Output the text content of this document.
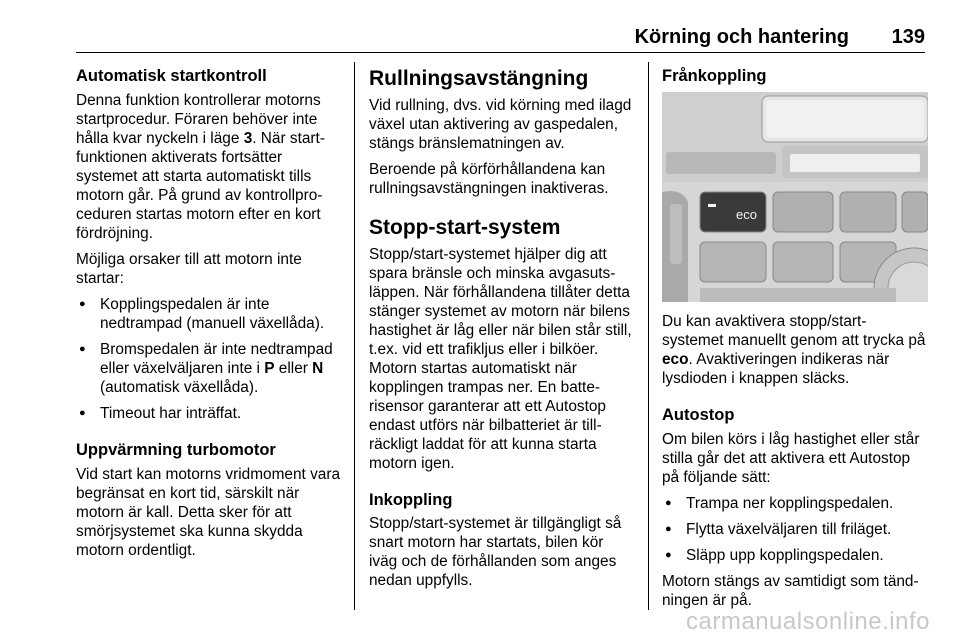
Körning och hantering 139
Automatisk startkontroll

Denna funktion kontrollerar motorns startprocedur. Föraren behöver inte hålla kvar nyckeln i läge 3. När startfunktionen aktiverats fortsätter systemet att starta automatiskt tills motorn går. På grund av kontrollproceduren startas motorn efter en kort fördröjning.

Möjliga orsaker till att motorn inte startar:

● Kopplingspedalen är inte nedtrampad (manuell växellåda).
● Bromspedalen är inte nedtrampad eller växelväljaren inte i P eller N (automatisk växellåda).
● Timeout har inträffat.
Uppvärmning turbomotor

Vid start kan motorns vridmoment vara begränsat en kort tid, särskilt när motorn är kall. Detta sker för att smörjsystemet ska kunna skydda motorn ordentligt.

Rullningsavstängning

Vid rullning, dvs. vid körning med ilagd växel utan aktivering av gaspedalen, stängs bränslematningen av.

Beroende på körförhållandena kan rullningsavstängningen inaktiveras.

Stopp-start-system

Stopp/start-systemet hjälper dig att spara bränsle och minska avgasutsläppen. När förhållandena tillåter detta stänger systemet av motorn när bilens hastighet är låg eller när bilen står still, t.ex. vid ett trafikljus eller i bilköer. Motorn startas automatiskt när kopplingen trampas ner. En batterisensor garanterar att ett Autostop endast utförs när bilbatteriet är tillräckligt laddat för att kunna starta motorn igen.

Inkoppling

Stopp/start-systemet är tillgängligt så snart motorn har startats, bilen kör iväg och de förhållanden som anges nedan uppfylls.

Frånkoppling
eco

Du kan avaktivera stopp/start-systemet manuellt genom att trycka på eco. Avaktiveringen indikeras när lysdioden i knappen släcks.

Autostop

Om bilen körs i låg hastighet eller står stilla går det att aktivera ett Autostop på följande sätt:

● Trampa ner kopplingspedalen.
● Flytta växelväljaren till friläget.
● Släpp upp kopplingspedalen.

Motorn stängs av samtidigt som tändningen är på.

carmanualsonline.info
